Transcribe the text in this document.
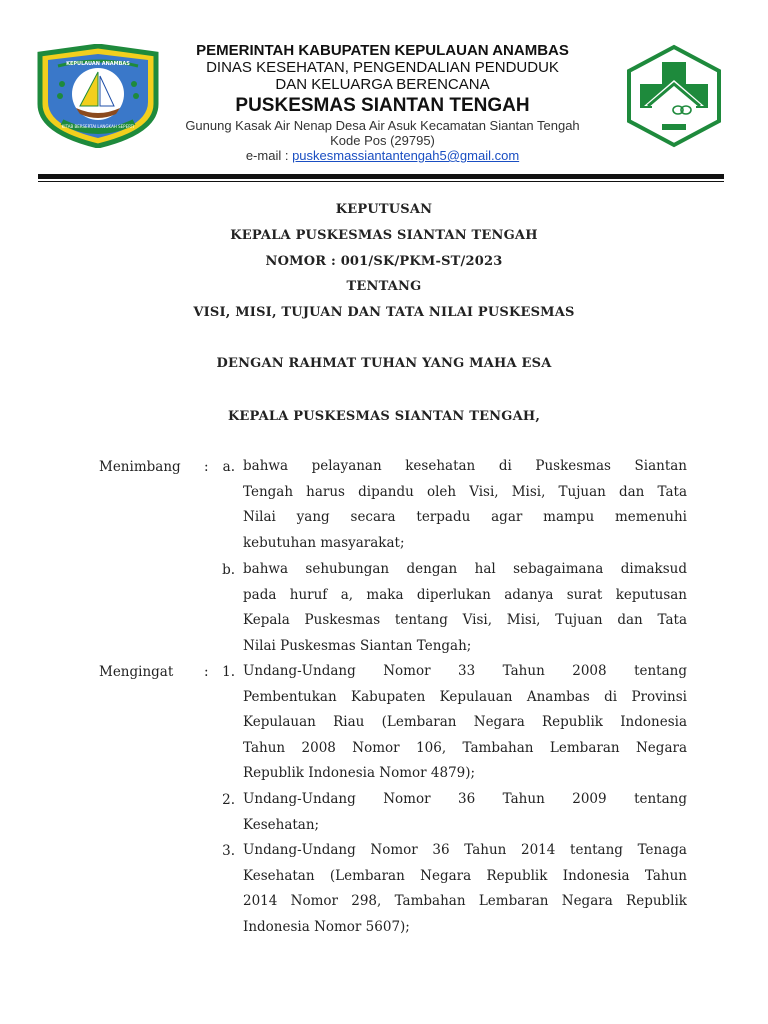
KEPULAUAN ANAMBAS
KITAB BERSERTAI LANGKAH SEPERTI
PEMERINTAH KABUPATEN KEPULAUAN ANAMBAS
DINAS KESEHATAN, PENGENDALIAN PENDUDUK
DAN KELUARGA BERENCANA
PUSKESMAS SIANTAN TENGAH
Gunung Kasak Air Nenap Desa Air Asuk Kecamatan Siantan Tengah
Kode Pos (29795)
e-mail : puskesmassiantantengah5@gmail.com
KEPUTUSAN
KEPALA PUSKESMAS SIANTAN TENGAH
NOMOR : 001/SK/PKM-ST/2023
TENTANG
VISI, MISI, TUJUAN DAN TATA NILAI PUSKESMAS
DENGAN RAHMAT TUHAN YANG MAHA ESA
KEPALA PUSKESMAS SIANTAN TENGAH,
Menimbang :	a. bahwa pelayanan kesehatan di Puskesmas Siantan
Tengah harus dipandu oleh Visi, Misi, Tujuan dan Tata
Nilai yang secara terpadu agar mampu memenuhi
kebutuhan masyarakat;
b. bahwa sehubungan dengan hal sebagaimana dimaksud
pada huruf a, maka diperlukan adanya surat keputusan
Kepala Puskesmas tentang Visi, Misi, Tujuan dan Tata
Nilai Puskesmas Siantan Tengah;
Mengingat :	1. Undang-Undang Nomor 33 Tahun 2008 tentang
Pembentukan Kabupaten Kepulauan Anambas di Provinsi
Kepulauan Riau (Lembaran Negara Republik Indonesia
Tahun 2008 Nomor 106, Tambahan Lembaran Negara
Republik Indonesia Nomor 4879);
2. Undang-Undang Nomor 36 Tahun 2009 tentang
Kesehatan;
3. Undang-Undang Nomor 36 Tahun 2014 tentang Tenaga
Kesehatan (Lembaran Negara Republik Indonesia Tahun
2014 Nomor 298, Tambahan Lembaran Negara Republik
Indonesia Nomor 5607);
